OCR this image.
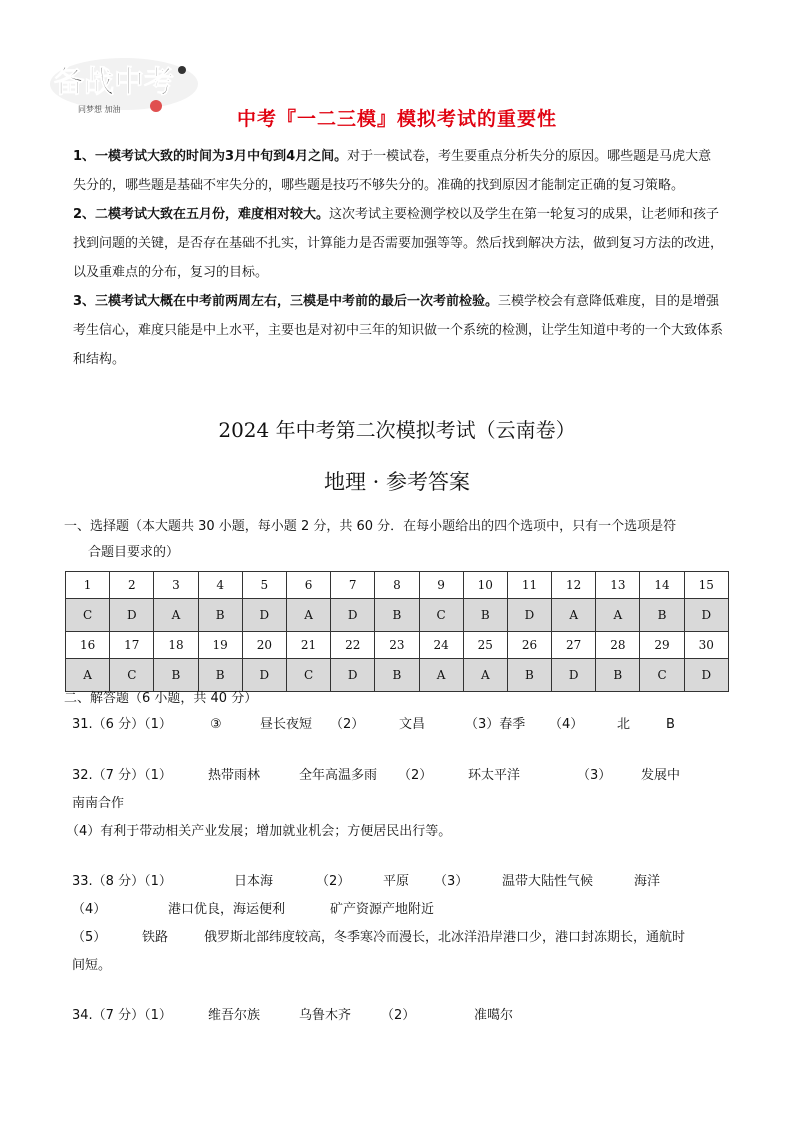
备战中考
同梦想 加油	中考『一二三模』模拟考试的重要性

1、一模考试大致的时间为3月中旬到4月之间。对于一模试卷，考生要重点分析失分的原因。哪些题是马虎大意失分的，哪些题是基础不牢失分的，哪些题是技巧不够失分的。准确的找到原因才能制定正确的复习策略。

2、二模考试大致在五月份，难度相对较大。这次考试主要检测学校以及学生在第一轮复习的成果，让老师和孩子找到问题的关键，是否存在基础不扎实，计算能力是否需要加强等等。然后找到解决方法，做到复习方法的改进，以及重难点的分布，复习的目标。

3、三模考试大概在中考前两周左右，三模是中考前的最后一次考前检验。三模学校会有意降低难度，目的是增强考生信心，难度只能是中上水平，主要也是对初中三年的知识做一个系统的检测，让学生知道中考的一个大致体系和结构。

2024 年中考第二次模拟考试（云南卷）
地理 · 参考答案
一、选择题（本大题共 30 小题，每小题 2 分，共 60 分．在每小题给出的四个选项中，只有一个选项是符
合题目要求的）
1	2	3	4	5	6	7	8	9	10	11	12	13	14	15
C	D	A	B	D	A	D	B	C	B	D	A	A	B	D
16	17	18	19	20	21	22	23	24	25	26	27	28	29	30
A	C	B	B	D	C	D	B	A	A	B	D	B	C	D
二、解答题（6 小题，共 40 分）
31.（6 分）（1）	③	昼长夜短 （2）	文昌	（3）春季 （4）	北	B
32.（7 分）（1）	热带雨林	全年高温多雨 （2）	环太平洋	（3） 发展中
南南合作
（4）有利于带动相关产业发展；增加就业机会；方便居民出行等。
33.（8 分）（1）	日本海	（2）	平原 （3）	温带大陆性气候	海洋
（4）	港口优良，海运便利	矿产资源产地附近
（5）	铁路	俄罗斯北部纬度较高，冬季寒冷而漫长，北冰洋沿岸港口少，港口封冻期长，通航时
间短。
34.（7 分）（1）	维吾尔族	乌鲁木齐 （2）	准噶尔
